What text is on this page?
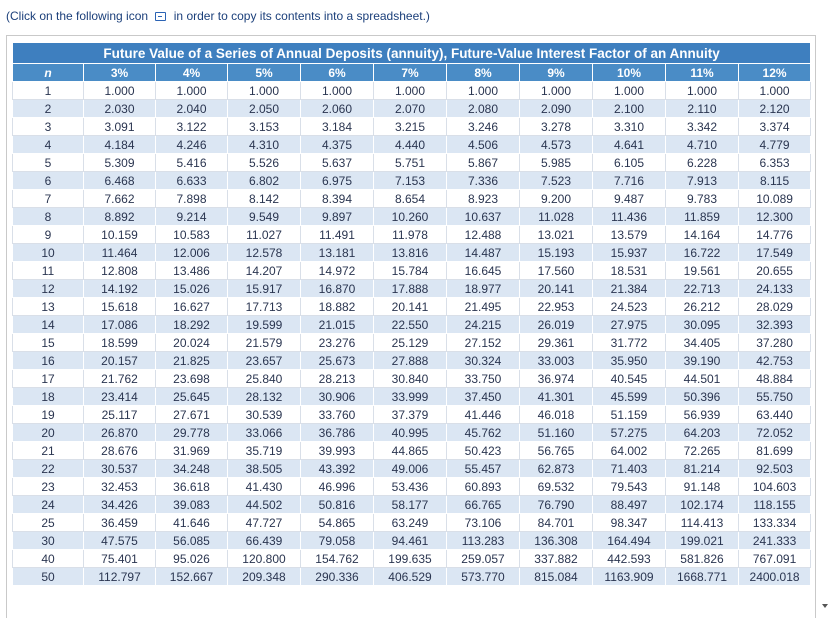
(Click on the following icon in order to copy its contents into a spreadsheet.)
Future Value of a Series of Annual Deposits (annuity), Future-Value Interest Factor of an Annuity										
n	3%	4%	5%	6%	7%	8%	9%	10%	11%	12%
1	1.000	1.000	1.000	1.000	1.000	1.000	1.000	1.000	1.000	1.000
2	2.030	2.040	2.050	2.060	2.070	2.080	2.090	2.100	2.110	2.120
3	3.091	3.122	3.153	3.184	3.215	3.246	3.278	3.310	3.342	3.374
4	4.184	4.246	4.310	4.375	4.440	4.506	4.573	4.641	4.710	4.779
5	5.309	5.416	5.526	5.637	5.751	5.867	5.985	6.105	6.228	6.353
6	6.468	6.633	6.802	6.975	7.153	7.336	7.523	7.716	7.913	8.115
7	7.662	7.898	8.142	8.394	8.654	8.923	9.200	9.487	9.783	10.089
8	8.892	9.214	9.549	9.897	10.260	10.637	11.028	11.436	11.859	12.300
9	10.159	10.583	11.027	11.491	11.978	12.488	13.021	13.579	14.164	14.776
10	11.464	12.006	12.578	13.181	13.816	14.487	15.193	15.937	16.722	17.549
11	12.808	13.486	14.207	14.972	15.784	16.645	17.560	18.531	19.561	20.655
12	14.192	15.026	15.917	16.870	17.888	18.977	20.141	21.384	22.713	24.133
13	15.618	16.627	17.713	18.882	20.141	21.495	22.953	24.523	26.212	28.029
14	17.086	18.292	19.599	21.015	22.550	24.215	26.019	27.975	30.095	32.393
15	18.599	20.024	21.579	23.276	25.129	27.152	29.361	31.772	34.405	37.280
16	20.157	21.825	23.657	25.673	27.888	30.324	33.003	35.950	39.190	42.753
17	21.762	23.698	25.840	28.213	30.840	33.750	36.974	40.545	44.501	48.884
18	23.414	25.645	28.132	30.906	33.999	37.450	41.301	45.599	50.396	55.750
19	25.117	27.671	30.539	33.760	37.379	41.446	46.018	51.159	56.939	63.440
20	26.870	29.778	33.066	36.786	40.995	45.762	51.160	57.275	64.203	72.052
21	28.676	31.969	35.719	39.993	44.865	50.423	56.765	64.002	72.265	81.699
22	30.537	34.248	38.505	43.392	49.006	55.457	62.873	71.403	81.214	92.503
23	32.453	36.618	41.430	46.996	53.436	60.893	69.532	79.543	91.148	104.603
24	34.426	39.083	44.502	50.816	58.177	66.765	76.790	88.497	102.174	118.155
25	36.459	41.646	47.727	54.865	63.249	73.106	84.701	98.347	114.413	133.334
30	47.575	56.085	66.439	79.058	94.461	113.283	136.308	164.494	199.021	241.333
40	75.401	95.026	120.800	154.762	199.635	259.057	337.882	442.593	581.826	767.091
50	112.797	152.667	209.348	290.336	406.529	573.770	815.084	1163.909	1668.771	2400.018
